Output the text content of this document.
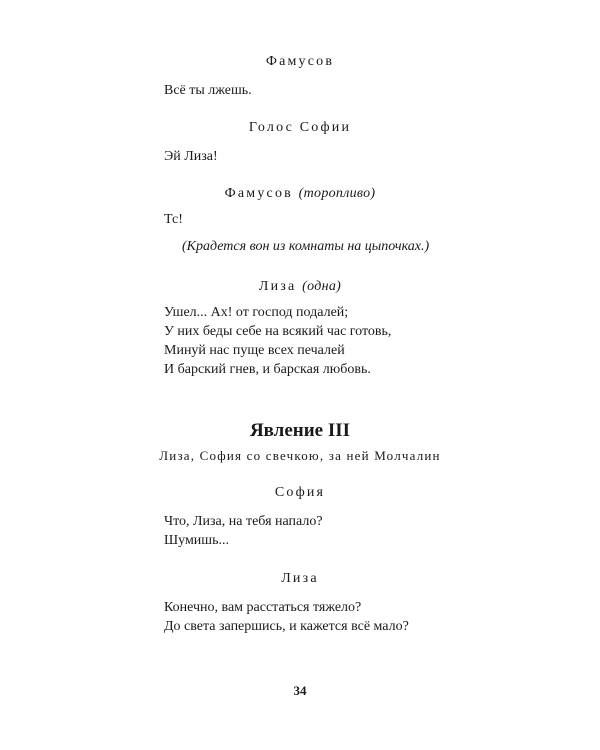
Фамусов

Всё ты лжешь.

Голос Софии

Эй Лиза!

Фамусов (торопливо)

Тс!

(Крадется вон из комнаты на цыпочках.)

Лиза (одна)

Ушел... Ах! от господ подалей;

У них беды себе на всякий час готовь,

Минуй нас пуще всех печалей

И барский гнев, и барская любовь.

Явление III

Лиза, София со свечкою, за ней Молчалин

София

Что, Лиза, на тебя напало?

Шумишь...

Лиза

Конечно, вам расстаться тяжело?

До света запершись, и кажется всё мало?

34
